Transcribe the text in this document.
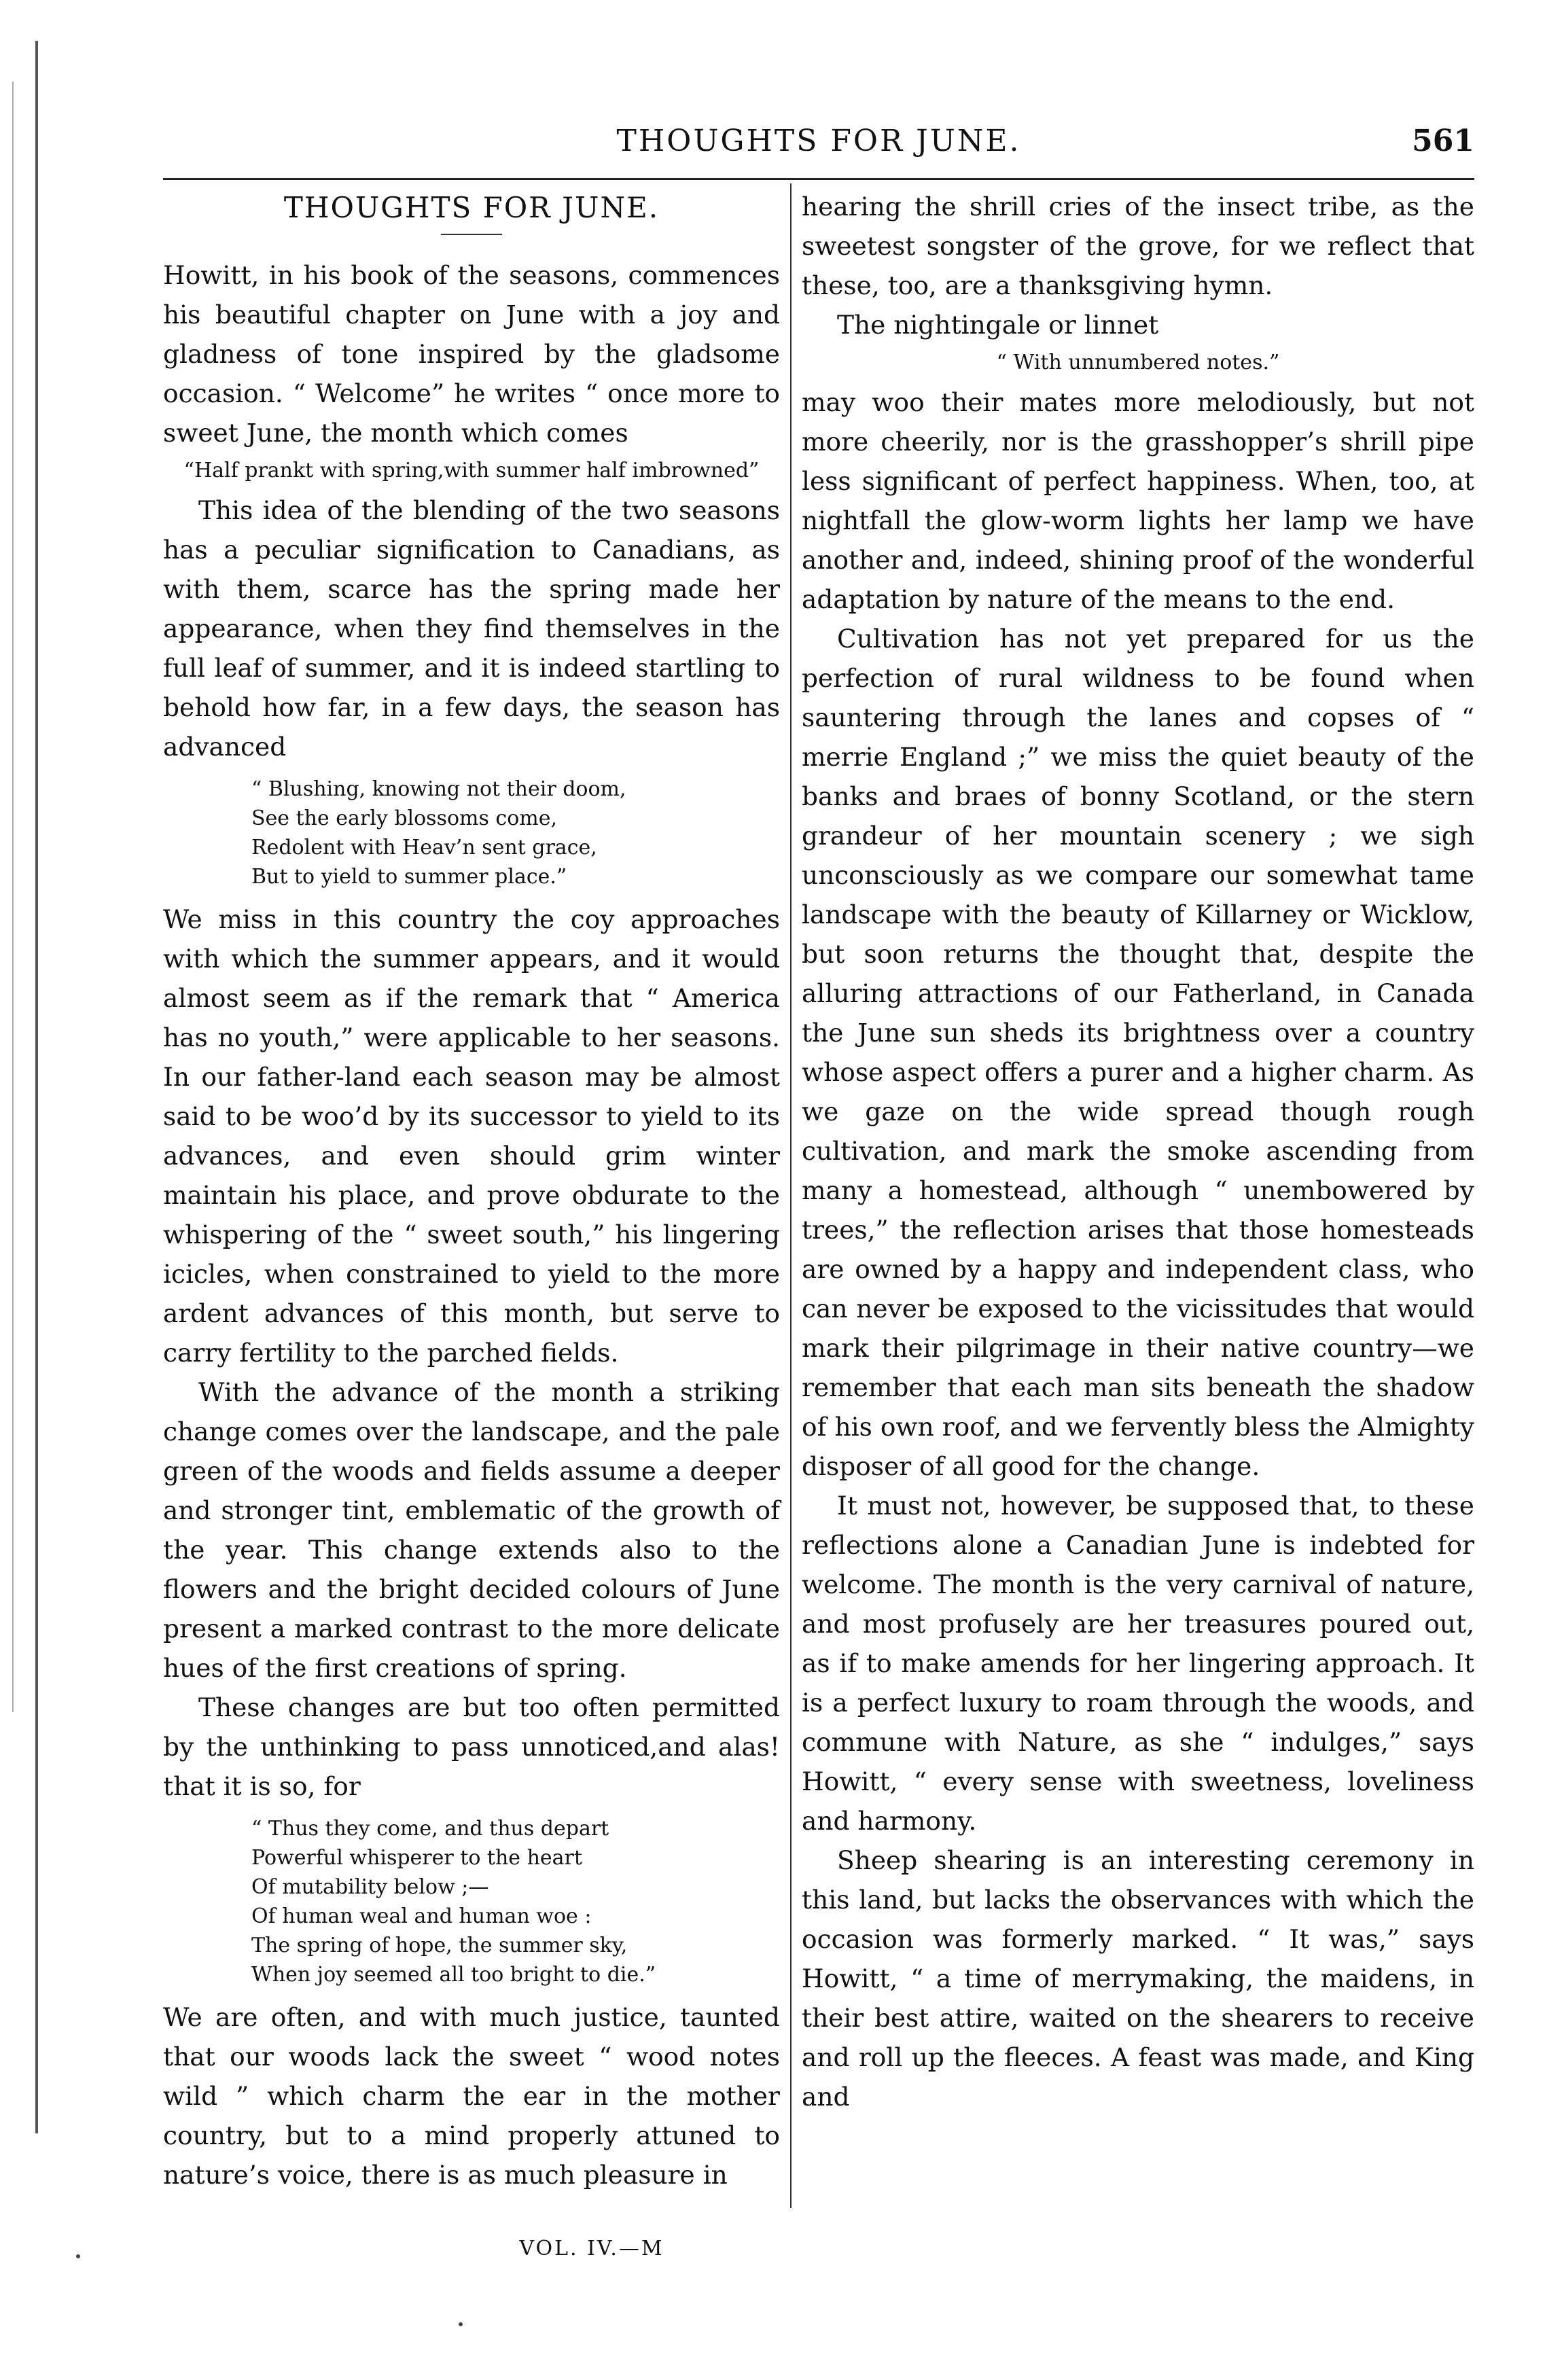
THOUGHTS FOR JUNE.	561
THOUGHTS FOR JUNE.

Howitt, in his book of the seasons, commences his beautiful chapter on June with a joy and gladness of tone inspired by the gladsome occasion. “ Welcome” he writes “ once more to sweet June, the month which comes

“Half prankt with spring,with summer half imbrowned”

This idea of the blending of the two seasons has a peculiar signification to Canadians, as with them, scarce has the spring made her appearance, when they find themselves in the full leaf of summer, and it is indeed startling to behold how far, in a few days, the season has advanced

“ Blushing, knowing not their doom,
See the early blossoms come,
Redolent with Heav’n sent grace,
But to yield to summer place.”

We miss in this country the coy approaches with which the summer appears, and it would almost seem as if the remark that “ America has no youth,” were applicable to her seasons. In our father-land each season may be almost said to be woo’d by its successor to yield to its advances, and even should grim winter maintain his place, and prove obdurate to the whispering of the “ sweet south,” his lingering icicles, when constrained to yield to the more ardent advances of this month, but serve to carry fertility to the parched fields.

With the advance of the month a striking change comes over the landscape, and the pale green of the woods and fields assume a deeper and stronger tint, emblematic of the growth of the year. This change extends also to the flowers and the bright decided colours of June present a marked contrast to the more delicate hues of the first creations of spring.

These changes are but too often permitted by the unthinking to pass unnoticed,and alas! that it is so, for

“ Thus they come, and thus depart
Powerful whisperer to the heart
Of mutability below ;—
Of human weal and human woe :
The spring of hope, the summer sky,
When joy seemed all too bright to die.”

We are often, and with much justice, taunted that our woods lack the sweet “ wood notes wild ” which charm the ear in the mother country, but to a mind properly attuned to nature’s voice, there is as much pleasure in

hearing the shrill cries of the insect tribe, as the sweetest songster of the grove, for we reflect that these, too, are a thanksgiving hymn.

The nightingale or linnet

“ With unnumbered notes.”

may woo their mates more melodiously, but not more cheerily, nor is the grasshopper’s shrill pipe less significant of perfect happiness. When, too, at nightfall the glow-worm lights her lamp we have another and, indeed, shining proof of the wonderful adaptation by nature of the means to the end.

Cultivation has not yet prepared for us the perfection of rural wildness to be found when sauntering through the lanes and copses of “ merrie England ;” we miss the quiet beauty of the banks and braes of bonny Scotland, or the stern grandeur of her mountain scenery ; we sigh unconsciously as we compare our somewhat tame landscape with the beauty of Killarney or Wicklow, but soon returns the thought that, despite the alluring attractions of our Fatherland, in Canada the June sun sheds its brightness over a country whose aspect offers a purer and a higher charm. As we gaze on the wide spread though rough cultivation, and mark the smoke ascending from many a homestead, although “ unembowered by trees,” the reflection arises that those homesteads are owned by a happy and independent class, who can never be exposed to the vicissitudes that would mark their pilgrimage in their native country—we remember that each man sits beneath the shadow of his own roof, and we fervently bless the Almighty disposer of all good for the change.

It must not, however, be supposed that, to these reflections alone a Canadian June is indebted for welcome. The month is the very carnival of nature, and most profusely are her treasures poured out, as if to make amends for her lingering approach. It is a perfect luxury to roam through the woods, and commune with Nature, as she “ indulges,” says Howitt, “ every sense with sweetness, loveliness and harmony.

Sheep shearing is an interesting ceremony in this land, but lacks the observances with which the occasion was formerly marked. “ It was,” says Howitt, “ a time of merrymaking, the maidens, in their best attire, waited on the shearers to receive and roll up the fleeces. A feast was made, and King and

VOL. IV.—M
